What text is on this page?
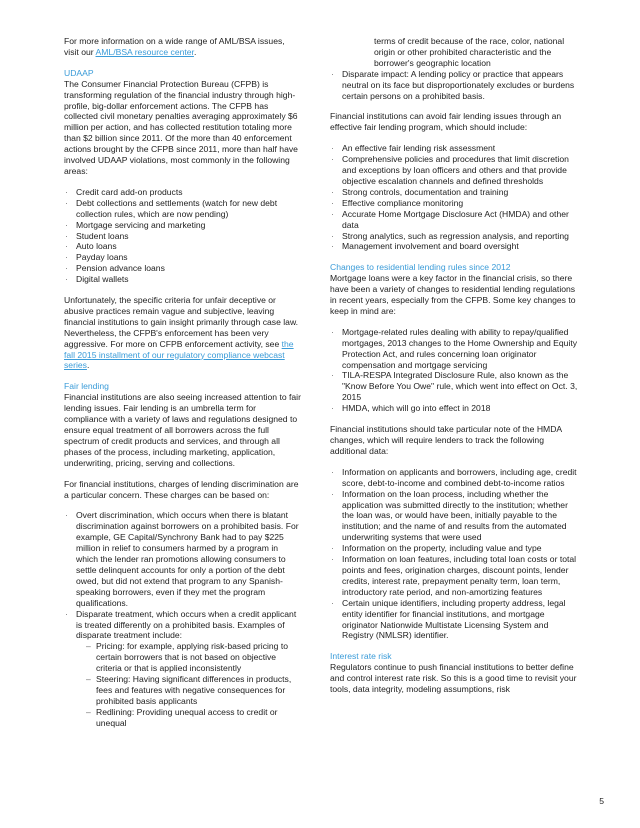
For more information on a wide range of AML/BSA issues, visit our AML/BSA resource center.

UDAAP

The Consumer Financial Protection Bureau (CFPB) is transforming regulation of the financial industry through high-profile, big-dollar enforcement actions. The CFPB has collected civil monetary penalties averaging approximately $6 million per action, and has collected restitution totaling more than $2 billion since 2011. Of the more than 40 enforcement actions brought by the CFPB since 2011, more than half have involved UDAAP violations, most commonly in the following areas:

· Credit card add-on products
· Debt collections and settlements (watch for new debt collection rules, which are now pending)
· Mortgage servicing and marketing
· Student loans
· Auto loans
· Payday loans
· Pension advance loans
· Digital wallets

Unfortunately, the specific criteria for unfair deceptive or abusive practices remain vague and subjective, leaving financial institutions to gain insight primarily through case law. Nevertheless, the CFPB's enforcement has been very aggressive. For more on CFPB enforcement activity, see the fall 2015 installment of our regulatory compliance webcast series.

Fair lending

Financial institutions are also seeing increased attention to fair lending issues. Fair lending is an umbrella term for compliance with a variety of laws and regulations designed to ensure equal treatment of all borrowers across the full spectrum of credit products and services, and through all phases of the process, including marketing, application, underwriting, pricing, serving and collections.

For financial institutions, charges of lending discrimination are a particular concern. These charges can be based on:

· Overt discrimination, which occurs when there is blatant discrimination against borrowers on a prohibited basis. For example, GE Capital/Synchrony Bank had to pay $225 million in relief to consumers harmed by a program in which the lender ran promotions allowing consumers to settle delinquent accounts for only a portion of the debt owed, but did not extend that program to any Spanish-speaking borrowers, even if they met the program qualifications.
· Disparate treatment, which occurs when a credit applicant is treated differently on a prohibited basis. Examples of disparate treatment include:
– Pricing: for example, applying risk-based pricing to certain borrowers that is not based on objective criteria or that is applied inconsistently
– Steering: Having significant differences in products, fees and features with negative consequences for prohibited basis applicants
– Redlining: Providing unequal access to credit or unequal

terms of credit because of the race, color, national origin or other prohibited characteristic and the borrower's geographic location

· Disparate impact: A lending policy or practice that appears neutral on its face but disproportionately excludes or burdens certain persons on a prohibited basis.

Financial institutions can avoid fair lending issues through an effective fair lending program, which should include:

· An effective fair lending risk assessment
· Comprehensive policies and procedures that limit discretion and exceptions by loan officers and others and that provide objective escalation channels and defined thresholds
· Strong controls, documentation and training
· Effective compliance monitoring
· Accurate Home Mortgage Disclosure Act (HMDA) and other data
· Strong analytics, such as regression analysis, and reporting
· Management involvement and board oversight

Changes to residential lending rules since 2012

Mortgage loans were a key factor in the financial crisis, so there have been a variety of changes to residential lending regulations in recent years, especially from the CFPB. Some key changes to keep in mind are:

· Mortgage-related rules dealing with ability to repay/qualified mortgages, 2013 changes to the Home Ownership and Equity Protection Act, and rules concerning loan originator compensation and mortgage servicing
· TILA-RESPA Integrated Disclosure Rule, also known as the "Know Before You Owe" rule, which went into effect on Oct. 3, 2015
· HMDA, which will go into effect in 2018

Financial institutions should take particular note of the HMDA changes, which will require lenders to track the following additional data:

· Information on applicants and borrowers, including age, credit score, debt-to-income and combined debt-to-income ratios
· Information on the loan process, including whether the application was submitted directly to the institution; whether the loan was, or would have been, initially payable to the institution; and the name of and results from the automated underwriting systems that were used
· Information on the property, including value and type
· Information on loan features, including total loan costs or total points and fees, origination charges, discount points, lender credits, interest rate, prepayment penalty term, loan term, introductory rate period, and non-amortizing features
· Certain unique identifiers, including property address, legal entity identifier for financial institutions, and mortgage originator Nationwide Multistate Licensing System and Registry (NMLSR) identifier.

Interest rate risk

Regulators continue to push financial institutions to better define and control interest rate risk. So this is a good time to revisit your tools, data integrity, modeling assumptions, risk

5
